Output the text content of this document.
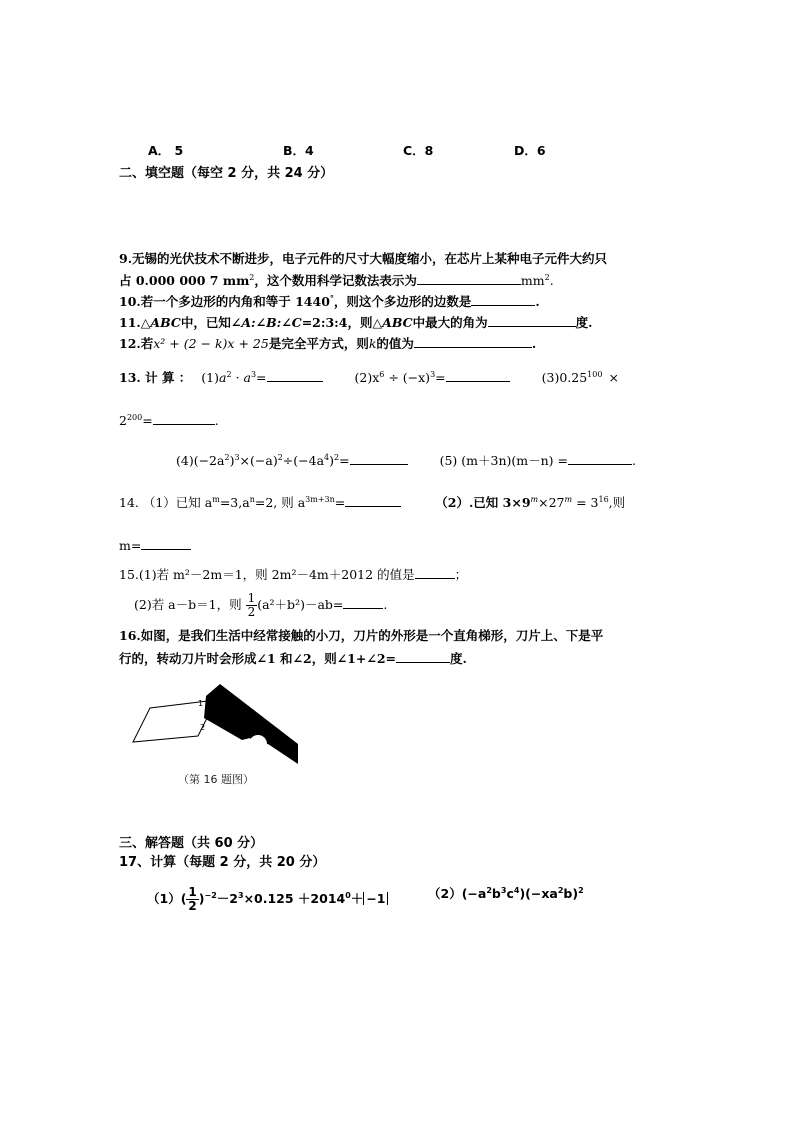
A． 5	B．4	C．8	D．6
二、填空题（每空 2 分，共 24 分）
9.无锡的光伏技术不断进步，电子元件的尺寸大幅度缩小，在芯片上某种电子元件大约只
占 0.000 000 7 $mm^2$，这个数用科学记数法表示为	$mm^2$.
10.若一个多边形的内角和等于 1440°，则这个多边形的边数是	.
11.△ABC中，已知∠A:∠B:∠C=2:3:4，则△ABC中最大的角为	度.
12.若x² + (2 − k)x + 25是完全平方式，则k的值为	.
13. 计 算 ： $(1)a^2 \cdot a^3=$	$(2)x^6 \div (-x)^3=$	$(3)0.25^{100}$ ×
$2^{200}=$	.
$(4)(-2a^2)^3\times(-a)^2\div(-4a^4)^2=$	(5) (m＋3n)(m－n) =	.
14. （1）已知 $a^m=3,a^n=2$, 则 $a^{3m+3n}=$	（2）.已知 $3\times 9^m\times 27^m = 3^{16}$,则
m=
15.(1)若 m²－2m＝1，则 2m²－4m＋2012 的值是	；
(2)若 a－b＝1，则 $\frac{1}{2} (a^2+b^2)-ab=$	.
16.如图，是我们生活中经常接触的小刀，刀片的外形是一个直角梯形，刀片上、下是平
行的，转动刀片时会形成∠1 和∠2，则∠1+∠2=	度.
1
2
（第 16 题图）
三、解答题（共 60 分）
17、计算（每题 2 分，共 20 分）
$(1)( \frac{1}{2} )^{-2}-2^3\times 0.125 +2014^0+ -1$	$(2)(-a^2b^3c^4)(-xa^2b)^2$
